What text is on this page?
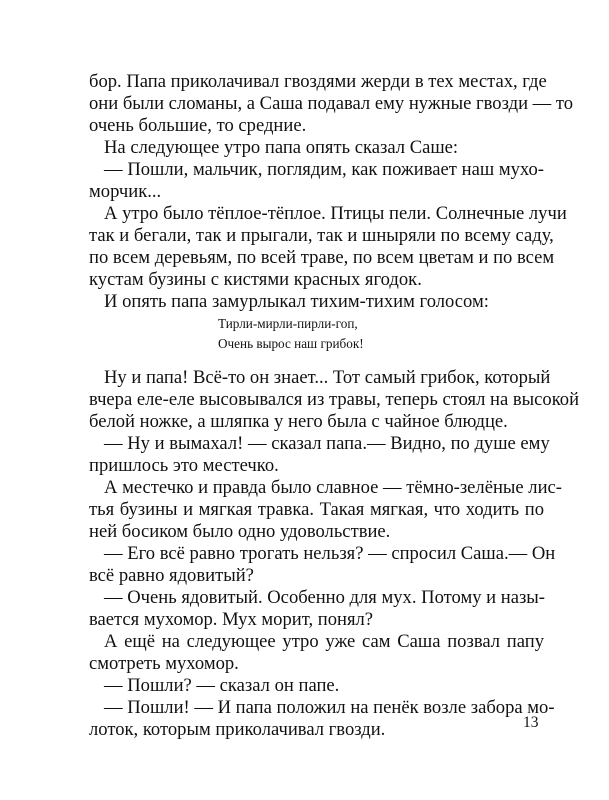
бор. Папа приколачивал гвоздями жерди в тех местах, где
они были сломаны, а Саша подавал ему нужные гвозди — то
очень большие, то средние.
На следующее утро папа опять сказал Саше:
— Пошли, мальчик, поглядим, как поживает наш мухо-
морчик...
А утро было тёплое-тёплое. Птицы пели. Солнечные лучи
так и бегали, так и прыгали, так и шныряли по всему саду,
по всем деревьям, по всей траве, по всем цветам и по всем
кустам бузины с кистями красных ягодок.
И опять папа замурлыкал тихим-тихим голосом:
Тирли-мирли-пирли-гоп,
Очень вырос наш грибок!
Ну и папа! Всё-то он знает... Тот самый грибок, который
вчера еле-еле высовывался из травы, теперь стоял на высокой
белой ножке, а шляпка у него была с чайное блюдце.
— Ну и вымахал! — сказал папа.— Видно, по душе ему
пришлось это местечко.
А местечко и правда было славное — тёмно-зелёные лис-
тья бузины и мягкая травка. Такая мягкая, что ходить по
ней босиком было одно удовольствие.
— Его всё равно трогать нельзя? — спросил Саша.— Он
всё равно ядовитый?
— Очень ядовитый. Особенно для мух. Потому и назы-
вается мухомор. Мух морит, понял?
А ещё на следующее утро уже сам Саша позвал папу
смотреть мухомор.
— Пошли? — сказал он папе.
— Пошли! — И папа положил на пенёк возле забора мо-
лоток, которым приколачивал гвозди.	13
